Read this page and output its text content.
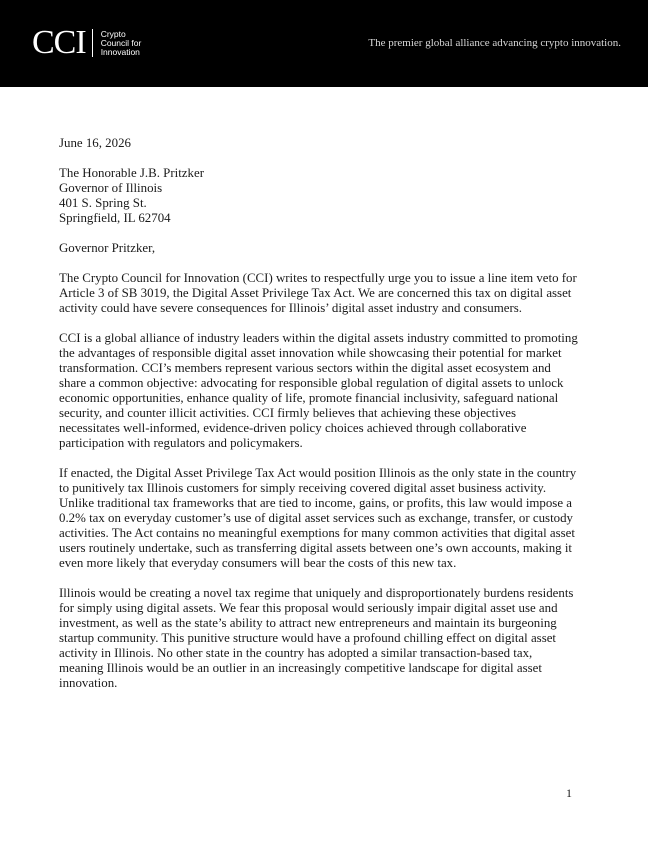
CCI Crypto
Council for
Innovation
The premier global alliance advancing crypto innovation.
June 16, 2026
The Honorable J.B. Pritzker
Governor of Illinois
401 S. Spring St.
Springfield, IL 62704
Governor Pritzker,

The Crypto Council for Innovation (CCI) writes to respectfully urge you to issue a line item veto for Article 3 of SB 3019, the Digital Asset Privilege Tax Act. We are concerned this tax on digital asset activity could have severe consequences for Illinois’ digital asset industry and consumers.

CCI is a global alliance of industry leaders within the digital assets industry committed to promoting the advantages of responsible digital asset innovation while showcasing their potential for market transformation. CCI’s members represent various sectors within the digital asset ecosystem and share a common objective: advocating for responsible global regulation of digital assets to unlock economic opportunities, enhance quality of life, promote financial inclusivity, safeguard national security, and counter illicit activities. CCI firmly believes that achieving these objectives necessitates well-informed, evidence-driven policy choices achieved through collaborative participation with regulators and policymakers.

If enacted, the Digital Asset Privilege Tax Act would position Illinois as the only state in the country to punitively tax Illinois customers for simply receiving covered digital asset business activity. Unlike traditional tax frameworks that are tied to income, gains, or profits, this law would impose a 0.2% tax on everyday customer’s use of digital asset services such as exchange, transfer, or custody activities. The Act contains no meaningful exemptions for many common activities that digital asset users routinely undertake, such as transferring digital assets between one’s own accounts, making it even more likely that everyday consumers will bear the costs of this new tax.

Illinois would be creating a novel tax regime that uniquely and disproportionately burdens residents for simply using digital assets. We fear this proposal would seriously impair digital asset use and investment, as well as the state’s ability to attract new entrepreneurs and maintain its burgeoning startup community. This punitive structure would have a profound chilling effect on digital asset activity in Illinois. No other state in the country has adopted a similar transaction-based tax, meaning Illinois would be an outlier in an increasingly competitive landscape for digital asset innovation.

1
